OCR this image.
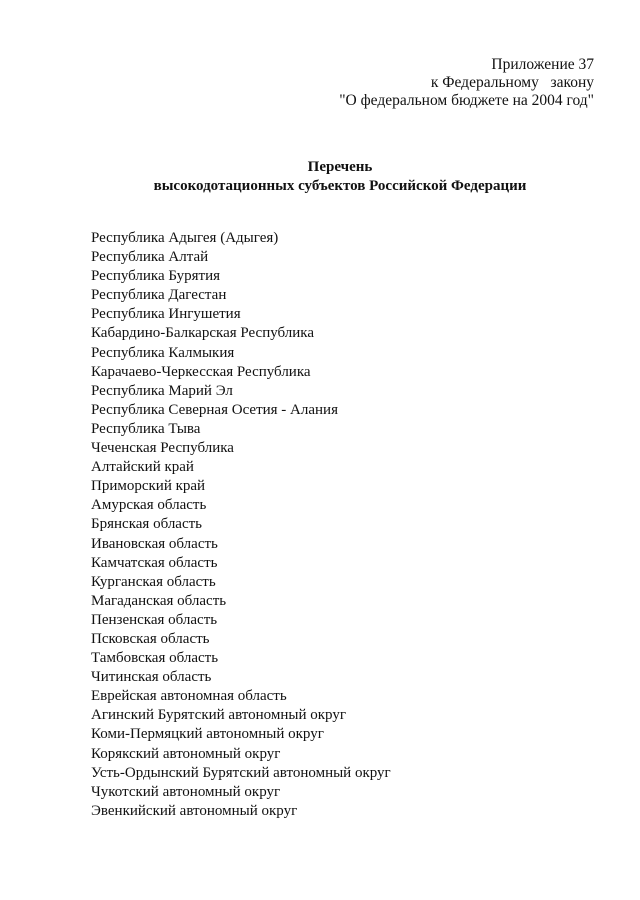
Приложение 37
к Федеральному   закону
"О федеральном бюджете на 2004 год"
Перечень
высокодотационных субъектов Российской Федерации
Республика Адыгея (Адыгея)
Республика Алтай
Республика Бурятия
Республика Дагестан
Республика Ингушетия
Кабардино-Балкарская Республика
Республика Калмыкия
Карачаево-Черкесская Республика
Республика Марий Эл
Республика Северная Осетия - Алания
Республика Тыва
Чеченская Республика
Алтайский край
Приморский край
Амурская область
Брянская область
Ивановская область
Камчатская область
Курганская область
Магаданская область
Пензенская область
Псковская область
Тамбовская область
Читинская область
Еврейская автономная область
Агинский Бурятский автономный округ
Коми-Пермяцкий автономный округ
Корякский автономный округ
Усть-Ордынский Бурятский автономный округ
Чукотский автономный округ
Эвенкийский автономный округ
